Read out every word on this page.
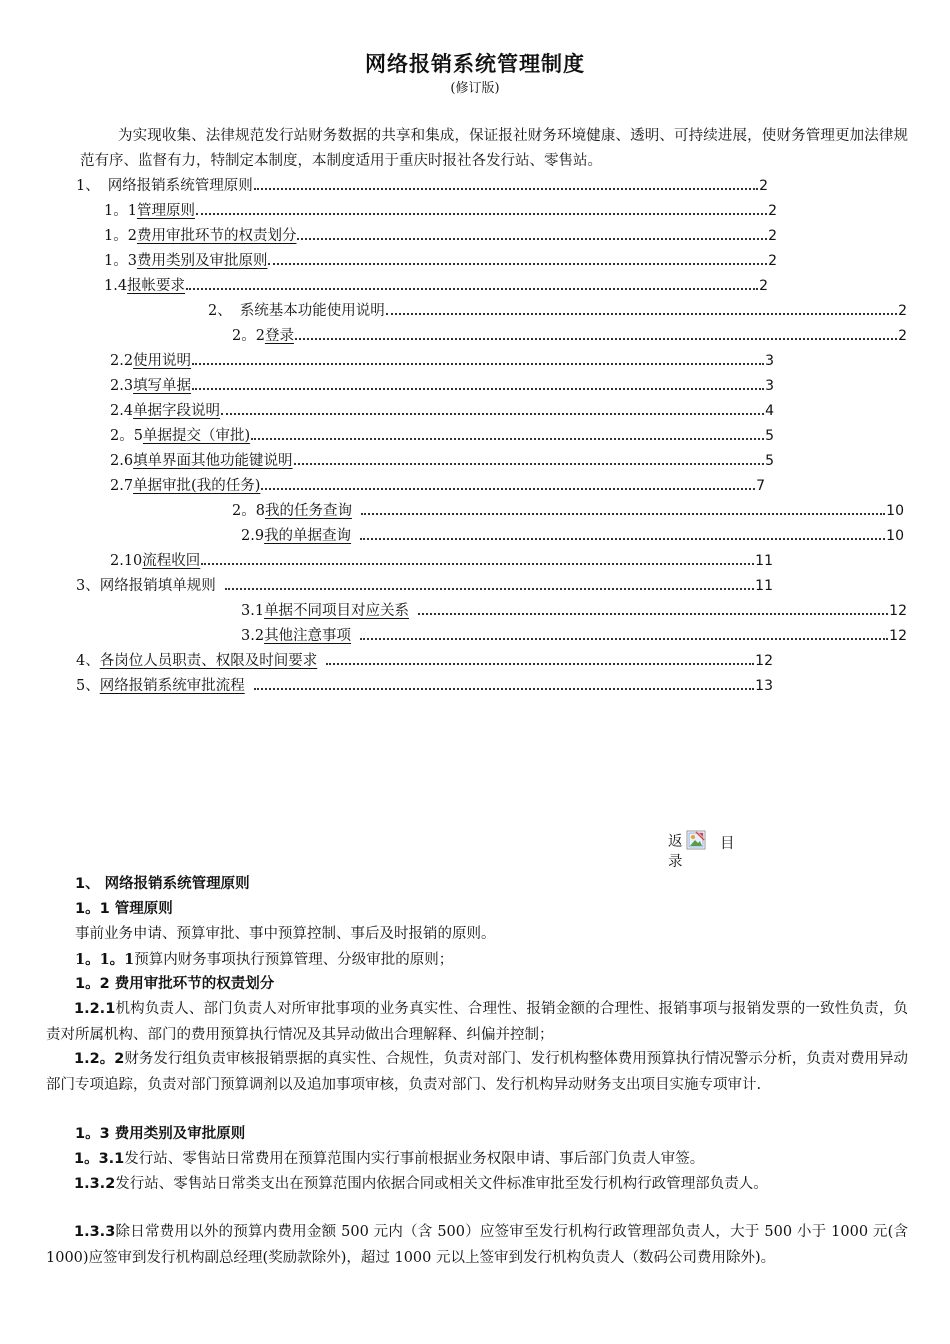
网络报销系统管理制度
(修订版)
为实现收集、法律规范发行站财务数据的共享和集成，保证报社财务环境健康、透明、可持续进展，使财务管理更加法律规范有序、监督有力，特制定本制度，本制度适用于重庆时报社各发行站、零售站。
1、 网络报销系统管理原则	2
1。1 管理原则	2
1。2 费用审批环节的权责划分	2
1。3 费用类别及审批原则	2
1.4 报帐要求	2
2、 系统基本功能使用说明	2
2。2 登录	2
2.2 使用说明	3
2.3 填写单据	3
2.4 单据字段说明	4
2。5 单据提交（审批)	5
2.6 填单界面其他功能键说明	5
2.7 单据审批(我的任务)	7
2。8 我的任务查询	10
2.9 我的单据查询	10
2.10 流程收回	11
3、 网络报销填单规则	11
3.1 单据不同项目对应关系	12
3.2 其他注意事项	12
4、 各岗位人员职责、权限及时间要求	12
5、 网络报销系统审批流程	13
返
录
目
1、 网络报销系统管理原则
1。1 管理原则
事前业务申请、预算审批、事中预算控制、事后及时报销的原则。
1。1。1预算内财务事项执行预算管理、分级审批的原则；
1。2 费用审批环节的权责划分
1.2.1机构负责人、部门负责人对所审批事项的业务真实性、合理性、报销金额的合理性、报销事项与报销发票的一致性负责，负责对所属机构、部门的费用预算执行情况及其异动做出合理解释、纠偏并控制；
1.2。2财务发行组负责审核报销票据的真实性、合规性，负责对部门、发行机构整体费用预算执行情况警示分析，负责对费用异动部门专项追踪，负责对部门预算调剂以及追加事项审核，负责对部门、发行机构异动财务支出项目实施专项审计.
1。3 费用类别及审批原则
1。3.1发行站、零售站日常费用在预算范围内实行事前根据业务权限申请、事后部门负责人审签。
1.3.2发行站、零售站日常类支出在预算范围内依据合同或相关文件标准审批至发行机构行政管理部负责人。
1.3.3除日常费用以外的预算内费用金额 500 元内（含 500）应签审至发行机构行政管理部负责人，大于 500 小于 1000 元(含 1000)应签审到发行机构副总经理(奖励款除外)，超过 1000 元以上签审到发行机构负责人（数码公司费用除外)。
